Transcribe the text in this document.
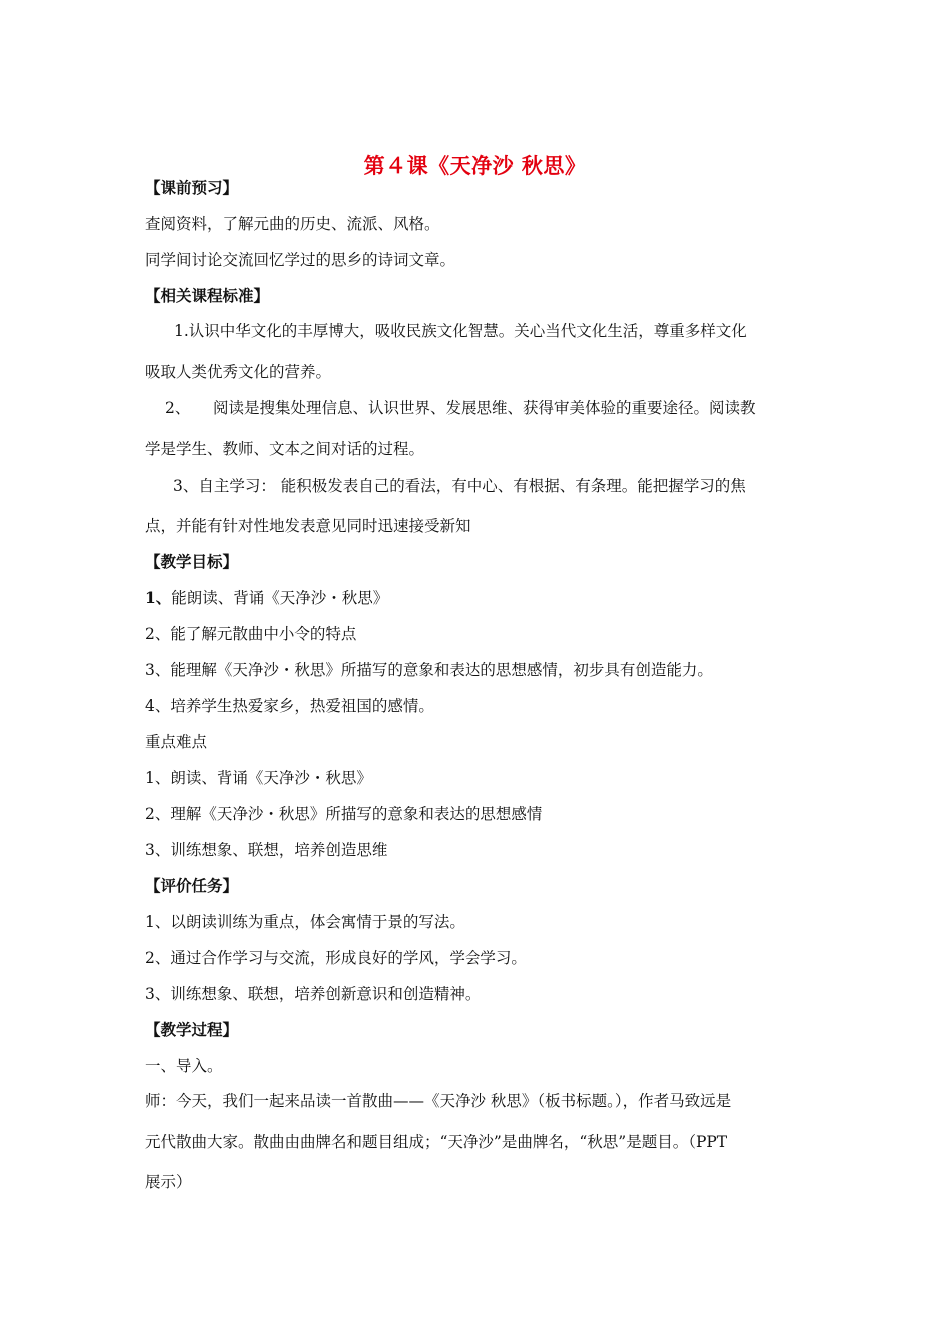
第４课《天净沙 秋思》
【课前预习】
查阅资料，了解元曲的历史、流派、风格。
同学间讨论交流回忆学过的思乡的诗词文章。
【相关课程标准】
1.认识中华文化的丰厚博大，吸收民族文化智慧。关心当代文化生活，尊重多样文化
吸取人类优秀文化的营养。
2、 阅读是搜集处理信息、认识世界、发展思维、获得审美体验的重要途径。阅读教
学是学生、教师、文本之间对话的过程。
3、自主学习： 能积极发表自己的看法，有中心、有根据、有条理。能把握学习的焦
点，并能有针对性地发表意见同时迅速接受新知
【教学目标】
1、能朗读、背诵《天净沙・秋思》
2、能了解元散曲中小令的特点
3、能理解《天净沙・秋思》所描写的意象和表达的思想感情，初步具有创造能力。
4、培养学生热爱家乡，热爱祖国的感情。
重点难点
1、朗读、背诵《天净沙・秋思》
2、理解《天净沙・秋思》所描写的意象和表达的思想感情
3、训练想象、联想，培养创造思维
【评价任务】
1、以朗读训练为重点，体会寓情于景的写法。
2、通过合作学习与交流，形成良好的学风，学会学习。
3、训练想象、联想，培养创新意识和创造精神。
【教学过程】
一、导入。
师：今天，我们一起来品读一首散曲——《天净沙 秋思》（板书标题。），作者马致远是
元代散曲大家。散曲由曲牌名和题目组成；“天净沙”是曲牌名，“秋思”是题目。（PPT
展示）
